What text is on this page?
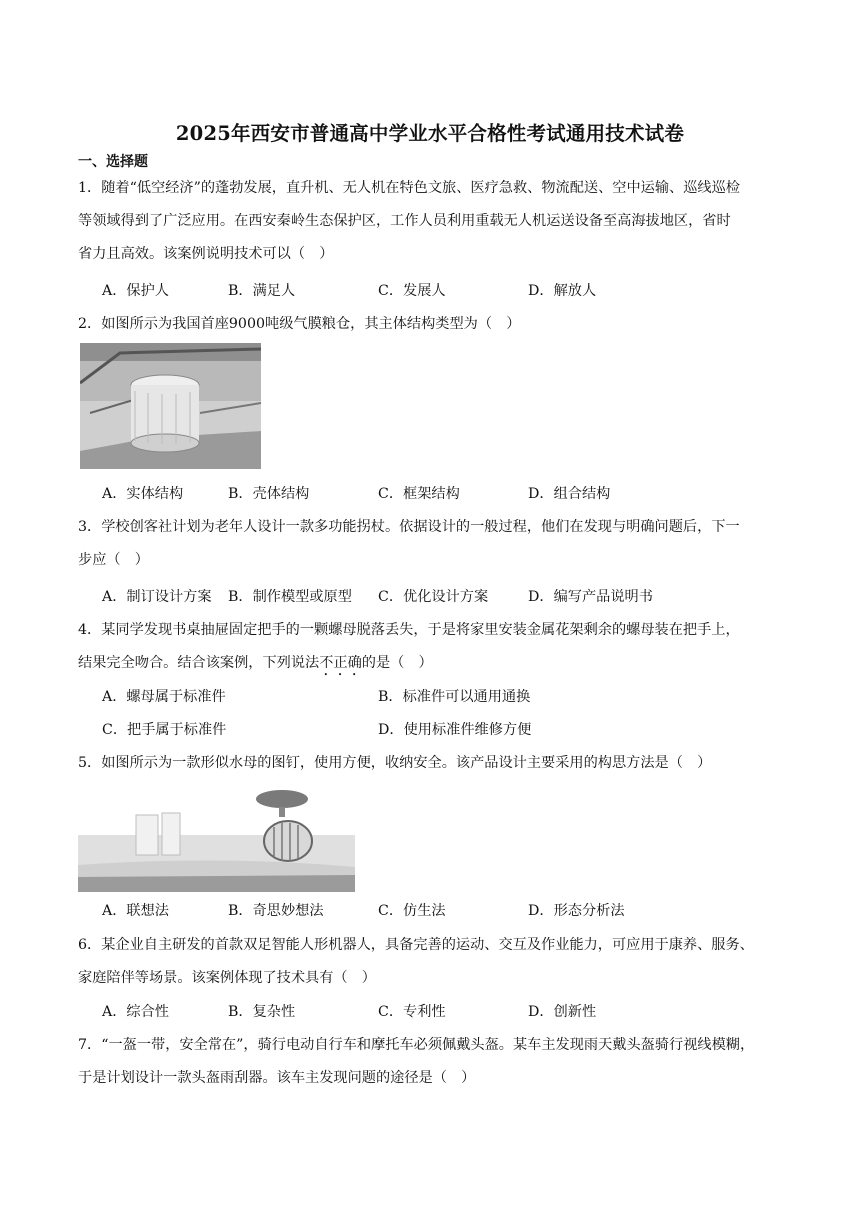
2025年西安市普通高中学业水平合格性考试通用技术试卷
一、选择题
1．随着“低空经济”的蓬勃发展，直升机、无人机在特色文旅、医疗急救、物流配送、空中运输、巡线巡检
等领域得到了广泛应用。在西安秦岭生态保护区，工作人员利用重载无人机运送设备至高海拔地区，省时
省力且高效。该案例说明技术可以（　）
A．保护人	B．满足人	C．发展人	D．解放人
2．如图所示为我国首座9000吨级气膜粮仓，其主体结构类型为（　）
A．实体结构	B．壳体结构	C．框架结构	D．组合结构
3．学校创客社计划为老年人设计一款多功能拐杖。依据设计的一般过程，他们在发现与明确问题后，下一
步应（　）
A．制订设计方案 B．制作模型或原型 C．优化设计方案	D．编写产品说明书
4．某同学发现书桌抽屉固定把手的一颗螺母脱落丢失，于是将家里安装金属花架剩余的螺母装在把手上，
结果完全吻合。结合该案例，下列说法不正确的是（　）
A．螺母属于标准件	B．标准件可以通用通换
C．把手属于标准件	D．使用标准件维修方便
5．如图所示为一款形似水母的图钉，使用方便，收纳安全。该产品设计主要采用的构思方法是（　）
A．联想法	B．奇思妙想法	C．仿生法	D．形态分析法
6．某企业自主研发的首款双足智能人形机器人，具备完善的运动、交互及作业能力，可应用于康养、服务、
家庭陪伴等场景。该案例体现了技术具有（　）
A．综合性	B．复杂性	C．专利性	D．创新性
7．“一盔一带，安全常在”，骑行电动自行车和摩托车必须佩戴头盔。某车主发现雨天戴头盔骑行视线模糊，
于是计划设计一款头盔雨刮器。该车主发现问题的途径是（　）
